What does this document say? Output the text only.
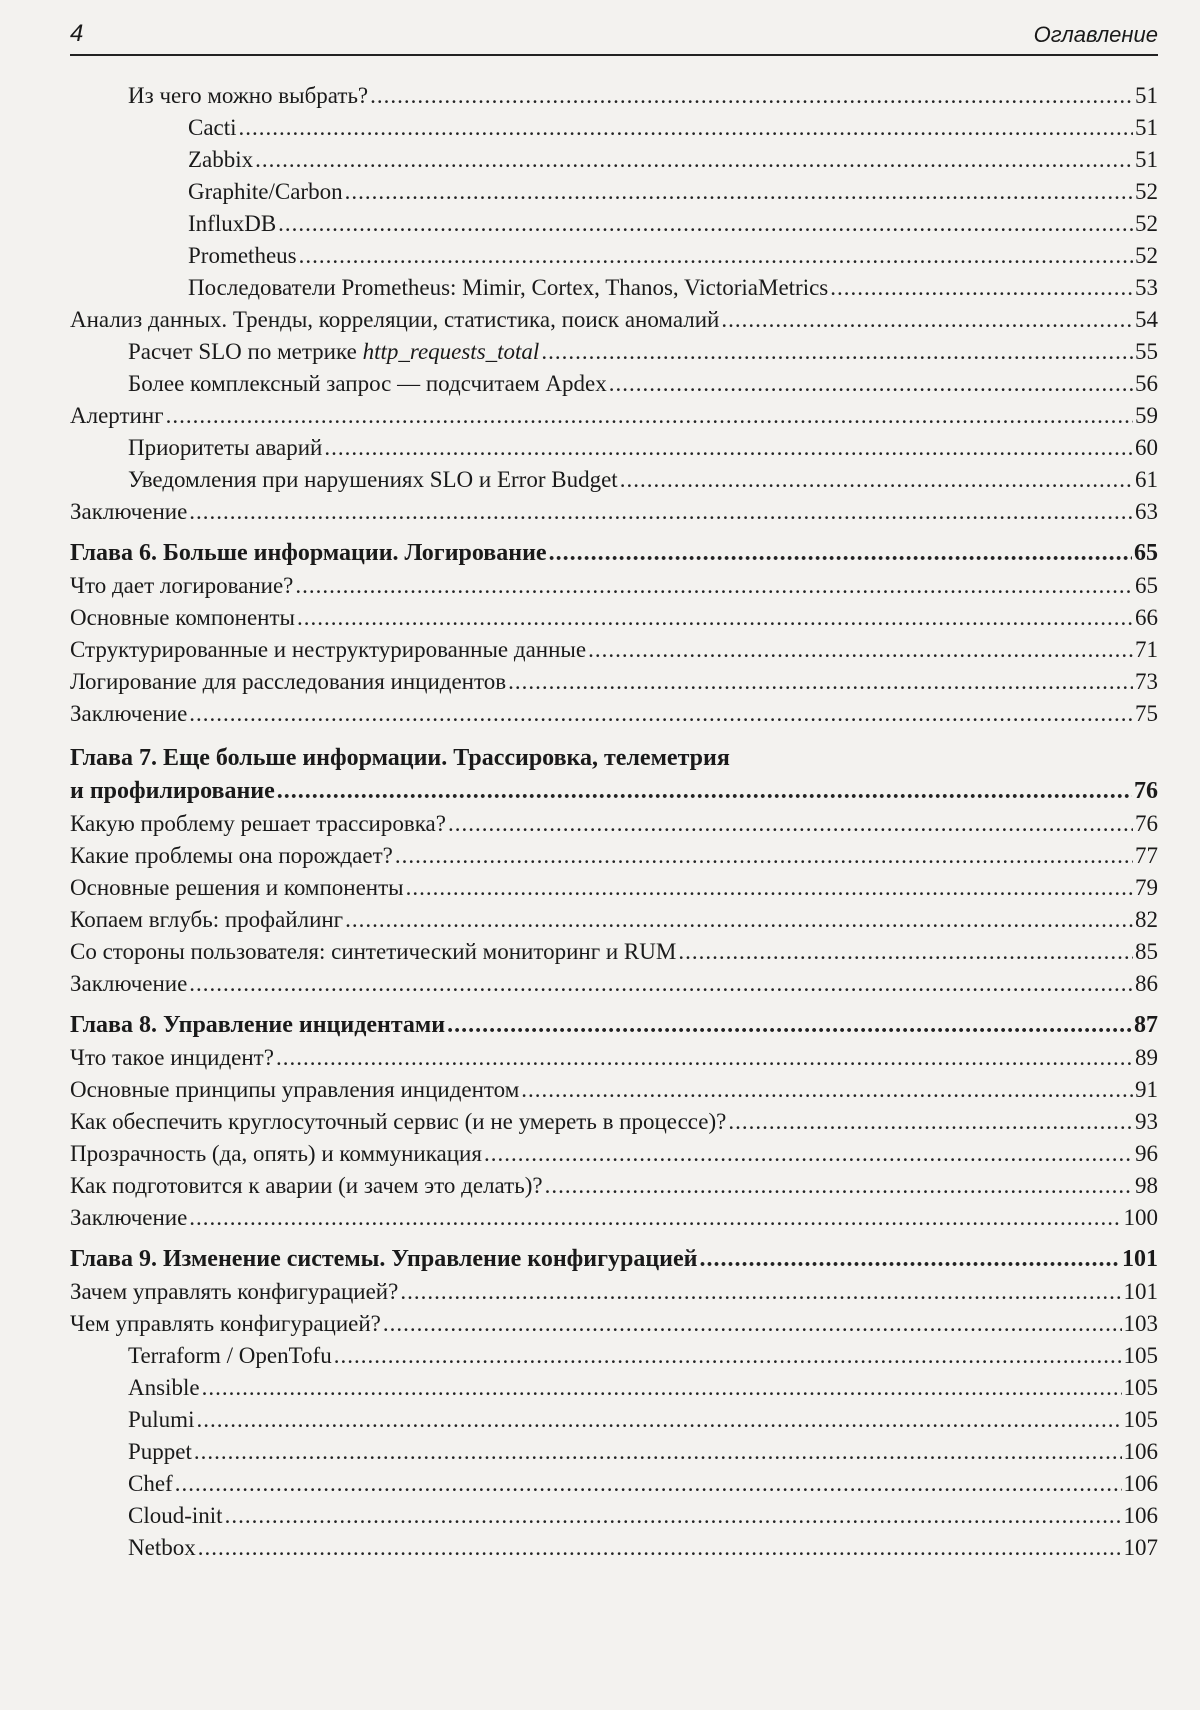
4	Оглавление
Из чего можно выбрать? .....	51
Cacti .....	51
Zabbix .....	51
Graphite/Carbon .....	52
InfluxDB .....	52
Prometheus .....	52
Последователи Prometheus: Mimir, Cortex, Thanos, VictoriaMetrics .....	53
Анализ данных. Тренды, корреляции, статистика, поиск аномалий .....	54
Расчет SLO по метрике http_requests_total .....	55
Более комплексный запрос — подсчитаем Apdex .....	56
Алертинг .....	59
Приоритеты аварий .....	60
Уведомления при нарушениях SLO и Error Budget .....	61
Заключение .....	63
Глава 6. Больше информации. Логирование .....	65
Что дает логирование? .....	65
Основные компоненты .....	66
Структурированные и неструктурированные данные .....	71
Логирование для расследования инцидентов .....	73
Заключение .....	75
Глава 7. Еще больше информации. Трассировка, телеметрия
и профилирование .....	76
Какую проблему решает трассировка? .....	76
Какие проблемы она порождает? .....	77
Основные решения и компоненты .....	79
Копаем вглубь: профайлинг .....	82
Со стороны пользователя: синтетический мониторинг и RUM .....	85
Заключение .....	86
Глава 8. Управление инцидентами .....	87
Что такое инцидент? .....	89
Основные принципы управления инцидентом .....	91
Как обеспечить круглосуточный сервис (и не умереть в процессе)? .....	93
Прозрачность (да, опять) и коммуникация .....	96
Как подготовится к аварии (и зачем это делать)? .....	98
Заключение .....	100
Глава 9. Изменение системы. Управление конфигурацией .....	101
Зачем управлять конфигурацией? .....	101
Чем управлять конфигурацией? .....	103
Terraform / OpenTofu .....	105
Ansible .....	105
Pulumi .....	105
Puppet .....	106
Chef .....	106
Cloud-init .....	106
Netbox .....	107
